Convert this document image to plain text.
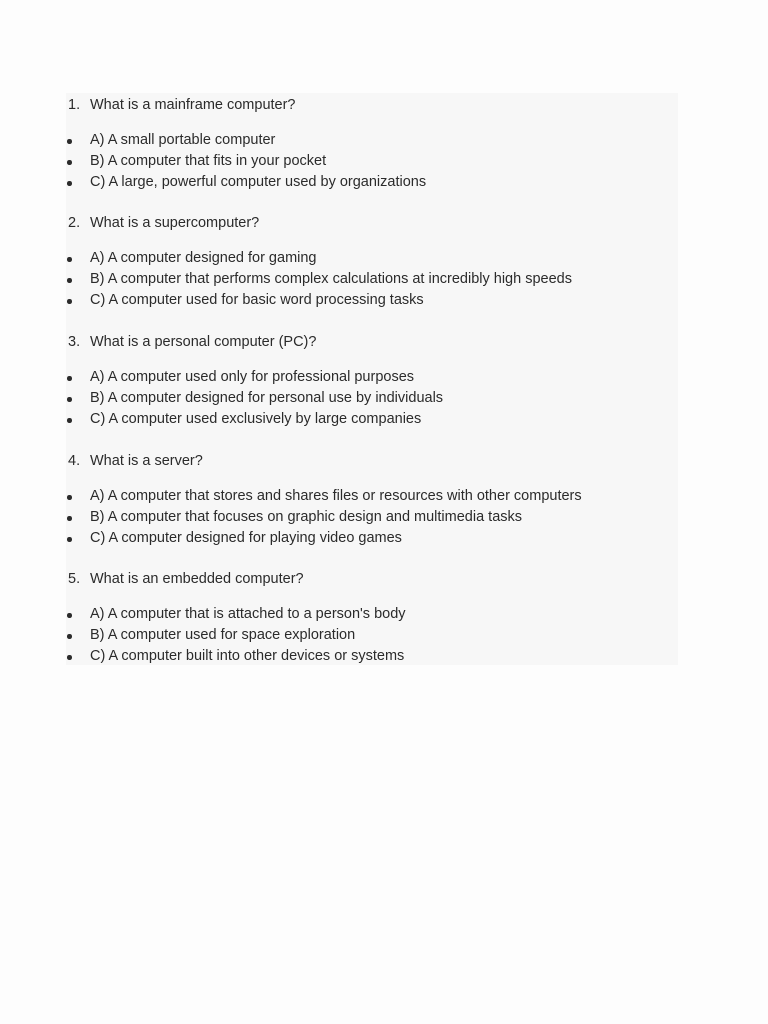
1. What is a mainframe computer?
A) A small portable computer
B) A computer that fits in your pocket
C) A large, powerful computer used by organizations
2. What is a supercomputer?
A) A computer designed for gaming
B) A computer that performs complex calculations at incredibly high speeds
C) A computer used for basic word processing tasks
3. What is a personal computer (PC)?
A) A computer used only for professional purposes
B) A computer designed for personal use by individuals
C) A computer used exclusively by large companies
4. What is a server?
A) A computer that stores and shares files or resources with other computers
B) A computer that focuses on graphic design and multimedia tasks
C) A computer designed for playing video games
5. What is an embedded computer?
A) A computer that is attached to a person's body
B) A computer used for space exploration
C) A computer built into other devices or systems
